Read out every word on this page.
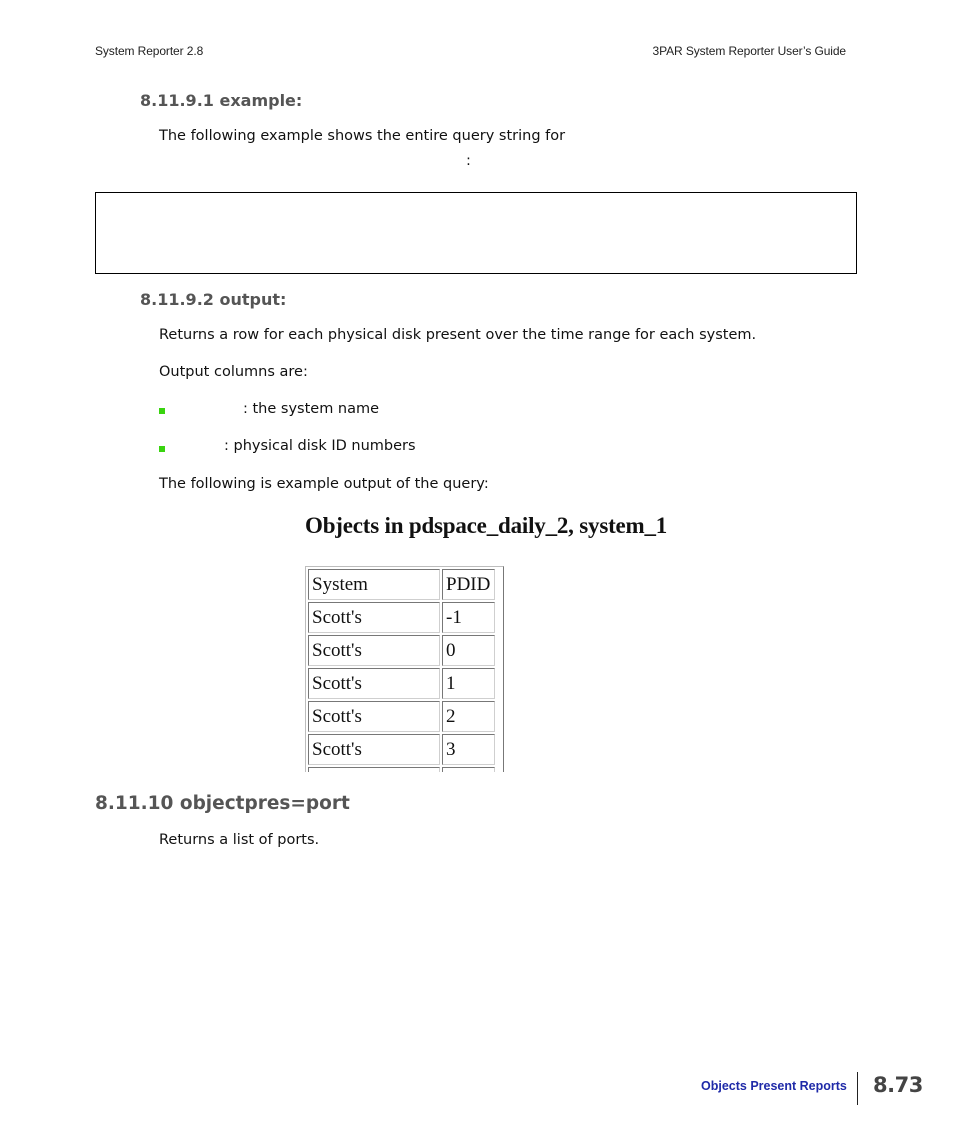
System Reporter 2.8	3PAR System Reporter User’s Guide
8.11.9.1 example:
The following example shows the entire query string for
:
8.11.9.2 output:
Returns a row for each physical disk present over the time range for each system.
Output columns are:
: the system name
: physical disk ID numbers
The following is example output of the query:
Objects in pdspace_daily_2, system_1
System	PDID
Scott's	-1
Scott's	0
Scott's	1
Scott's	2
Scott's	3

8.11.10 objectpres=port
Returns a list of ports.
Objects Present Reports 8.73
